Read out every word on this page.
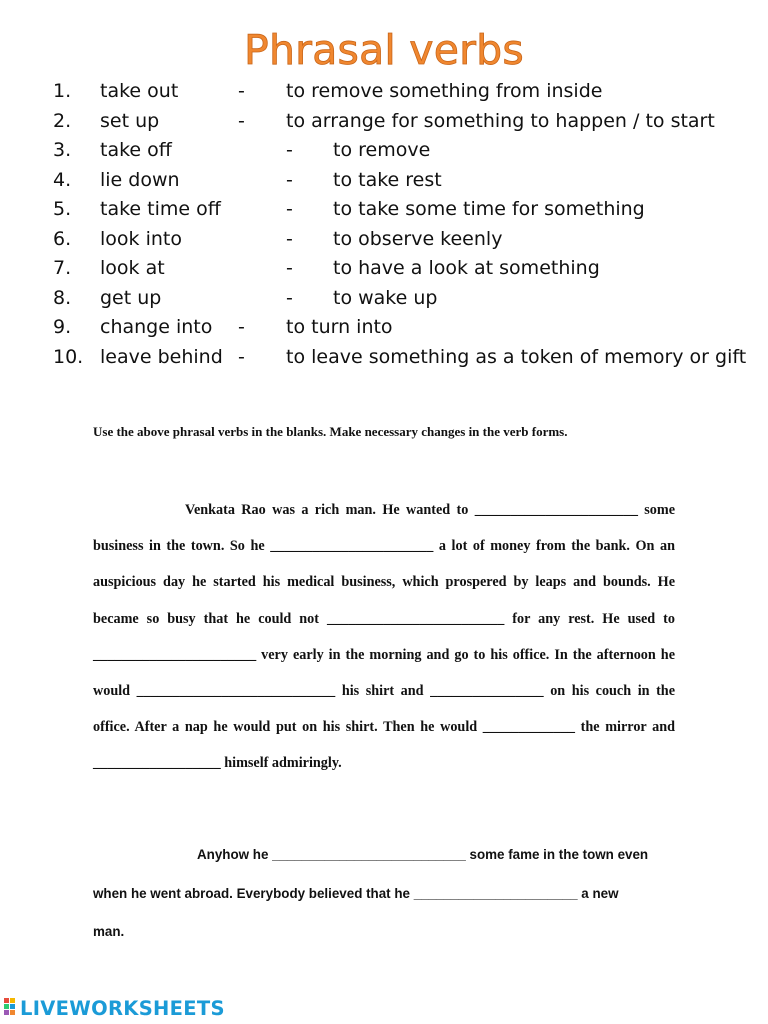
Phrasal verbs
1. take out	- to remove something from inside
2. set up	- to arrange for something to happen / to start
3. take off	- to remove
4. lie down	- to take rest
5. take time off	- to take some time for something
6. look into	- to observe keenly
7. look at	- to have a look at something
8. get up	- to wake up
9. change into - to turn into
10. leave behind - to leave something as a token of memory or gift
Use the above phrasal verbs in the blanks. Make necessary changes in the verb forms.

Venkata Rao was a rich man. He wanted to _______________________ some business in the town. So he _______________________ a lot of money from the bank. On an auspicious day he started his medical business, which prospered by leaps and bounds. He became so busy that he could not _________________________ for any rest. He used to _______________________ very early in the morning and go to his office. In the afternoon he would ____________________________ his shirt and ________________ on his couch in the office. After a nap he would put on his shirt. Then he would _____________ the mirror and __________________ himself admiringly.

Anyhow he __________________________ some fame in the town even when he went abroad. Everybody believed that he ______________________ a new man.

LIVEWORKSHEETS
